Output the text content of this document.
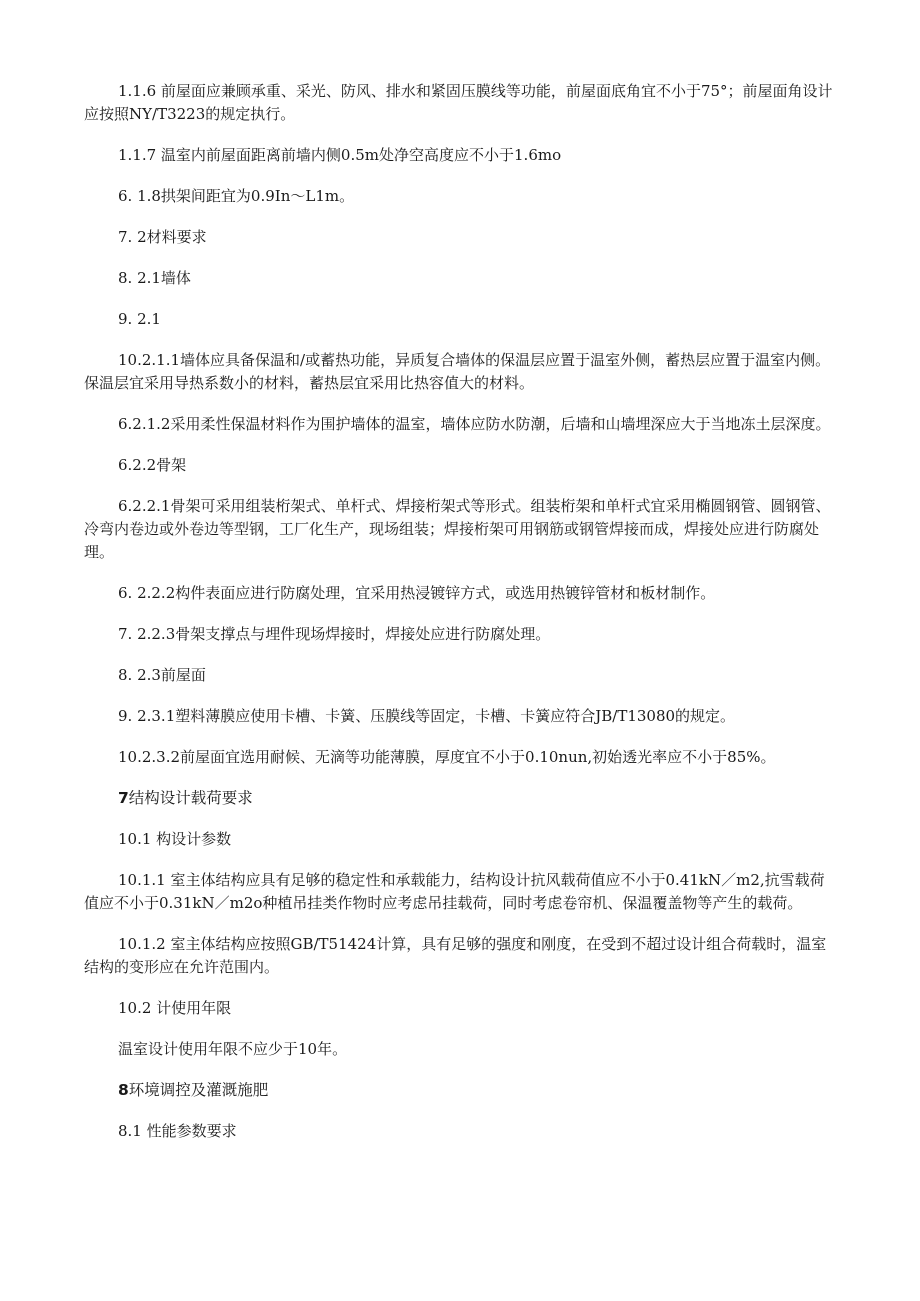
1.1.6 前屋面应兼顾承重、采光、防风、排水和紧固压膜线等功能，前屋面底角宜不小于75°；前屋面角设计应按照NY/T3223的规定执行。

1.1.7 温室内前屋面距离前墙内侧0.5m处净空高度应不小于1.6mo

6. 1.8拱架间距宜为0.9In～L1m。

7. 2材料要求

8. 2.1墙体

9. 2.1

10.2.1.1墙体应具备保温和/或蓄热功能，异质复合墙体的保温层应置于温室外侧，蓄热层应置于温室内侧。保温层宜采用导热系数小的材料，蓄热层宜采用比热容值大的材料。

6.2.1.2采用柔性保温材料作为围护墙体的温室，墙体应防水防潮，后墙和山墙埋深应大于当地冻土层深度。

6.2.2骨架

6.2.2.1骨架可采用组装桁架式、单杆式、焊接桁架式等形式。组装桁架和单杆式宜采用椭圆钢管、圆钢管、冷弯内卷边或外卷边等型钢，工厂化生产，现场组装；焊接桁架可用钢筋或钢管焊接而成，焊接处应进行防腐处理。

6. 2.2.2构件表面应进行防腐处理，宜采用热浸镀锌方式，或选用热镀锌管材和板材制作。

7. 2.2.3骨架支撑点与埋件现场焊接时，焊接处应进行防腐处理。

8. 2.3前屋面

9. 2.3.1塑料薄膜应使用卡槽、卡簧、压膜线等固定，卡槽、卡簧应符合JB/T13080的规定。

10.2.3.2前屋面宜选用耐候、无滴等功能薄膜，厚度宜不小于0.10nun,初始透光率应不小于85%。

7结构设计载荷要求

10.1 构设计参数

10.1.1 室主体结构应具有足够的稳定性和承载能力，结构设计抗风载荷值应不小于0.41kN／m2,抗雪载荷值应不小于0.31kN／m2o种植吊挂类作物时应考虑吊挂载荷，同时考虑卷帘机、保温覆盖物等产生的载荷。

10.1.2 室主体结构应按照GB/T51424计算，具有足够的强度和刚度，在受到不超过设计组合荷载时，温室结构的变形应在允许范围内。

10.2 计使用年限

温室设计使用年限不应少于10年。

8环境调控及灌溉施肥

8.1 性能参数要求
